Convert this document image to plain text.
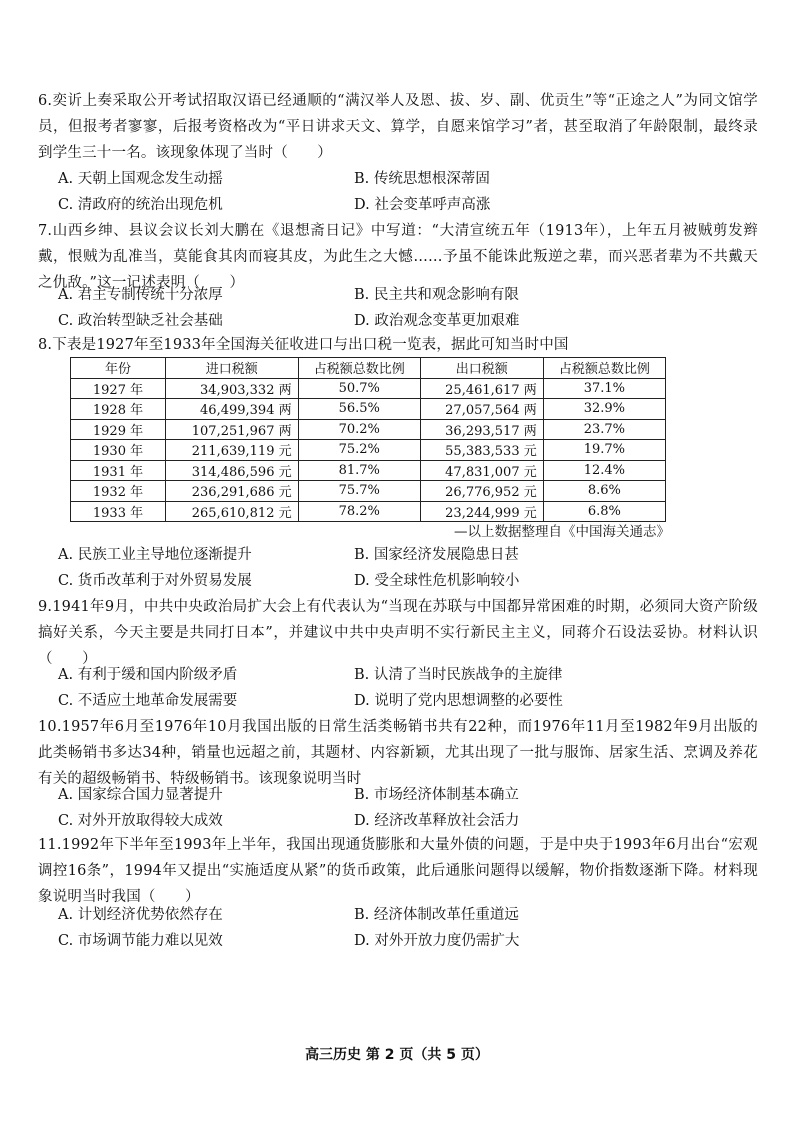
6.奕䜣上奏采取公开考试招取汉语已经通顺的“满汉举人及恩、拔、岁、副、优贡生”等“正途之人”为同文馆学员，但报考者寥寥，后报考资格改为“平日讲求天文、算学，自愿来馆学习”者，甚至取消了年龄限制，最终录到学生三十一名。该现象体现了当时（　　）
A. 天朝上国观念发生动摇	B. 传统思想根深蒂固
C. 清政府的统治出现危机	D. 社会变革呼声高涨
7.山西乡绅、县议会议长刘大鹏在《退想斋日记》中写道：“大清宣统五年（1913年），上年五月被贼剪发辫戴，恨贼为乱准当，莫能食其肉而寝其皮，为此生之大憾……予虽不能诛此叛逆之辈，而兴恶者辈为不共戴天之仇敌。”这一记述表明（　　）
A. 君主专制传统十分浓厚	B. 民主共和观念影响有限
C. 政治转型缺乏社会基础	D. 政治观念变革更加艰难
8.下表是1927年至1933年全国海关征收进口与出口税一览表，据此可知当时中国
年份	进口税额	占税额总数比例	出口税额	占税额总数比例
1927 年	34,903,332 两	50.7%	25,461,617 两	37.1%
1928 年	46,499,394 两	56.5%	27,057,564 两	32.9%
1929 年	107,251,967 两	70.2%	36,293,517 两	23.7%
1930 年	211,639,119 元	75.2%	55,383,533 元	19.7%
1931 年	314,486,596 元	81.7%	47,831,007 元	12.4%
1932 年	236,291,686 元	75.7%	26,776,952 元	8.6%
1933 年	265,610,812 元	78.2%	23,244,999 元	6.8%
—以上数据整理自《中国海关通志》
A. 民族工业主导地位逐渐提升	B. 国家经济发展隐患日甚
C. 货币改革利于对外贸易发展	D. 受全球性危机影响较小
9.1941年9月，中共中央政治局扩大会上有代表认为“当现在苏联与中国都异常困难的时期，必须同大资产阶级搞好关系，今天主要是共同打日本”，并建议中共中央声明不实行新民主主义，同蒋介石设法妥协。材料认识（　　）
A. 有利于缓和国内阶级矛盾	B. 认清了当时民族战争的主旋律
C. 不适应土地革命发展需要	D. 说明了党内思想调整的必要性
10.1957年6月至1976年10月我国出版的日常生活类畅销书共有22种，而1976年11月至1982年9月出版的此类畅销书多达34种，销量也远超之前，其题材、内容新颖，尤其出现了一批与服饰、居家生活、烹调及养花有关的超级畅销书、特级畅销书。该现象说明当时
A. 国家综合国力显著提升	B. 市场经济体制基本确立
C. 对外开放取得较大成效	D. 经济改革释放社会活力
11.1992年下半年至1993年上半年，我国出现通货膨胀和大量外债的问题，于是中央于1993年6月出台“宏观调控16条”，1994年又提出“实施适度从紧”的货币政策，此后通胀问题得以缓解，物价指数逐渐下降。材料现象说明当时我国（　　）
A. 计划经济优势依然存在	B. 经济体制改革任重道远
C. 市场调节能力难以见效	D. 对外开放力度仍需扩大
高三历史 第 2 页（共 5 页）
